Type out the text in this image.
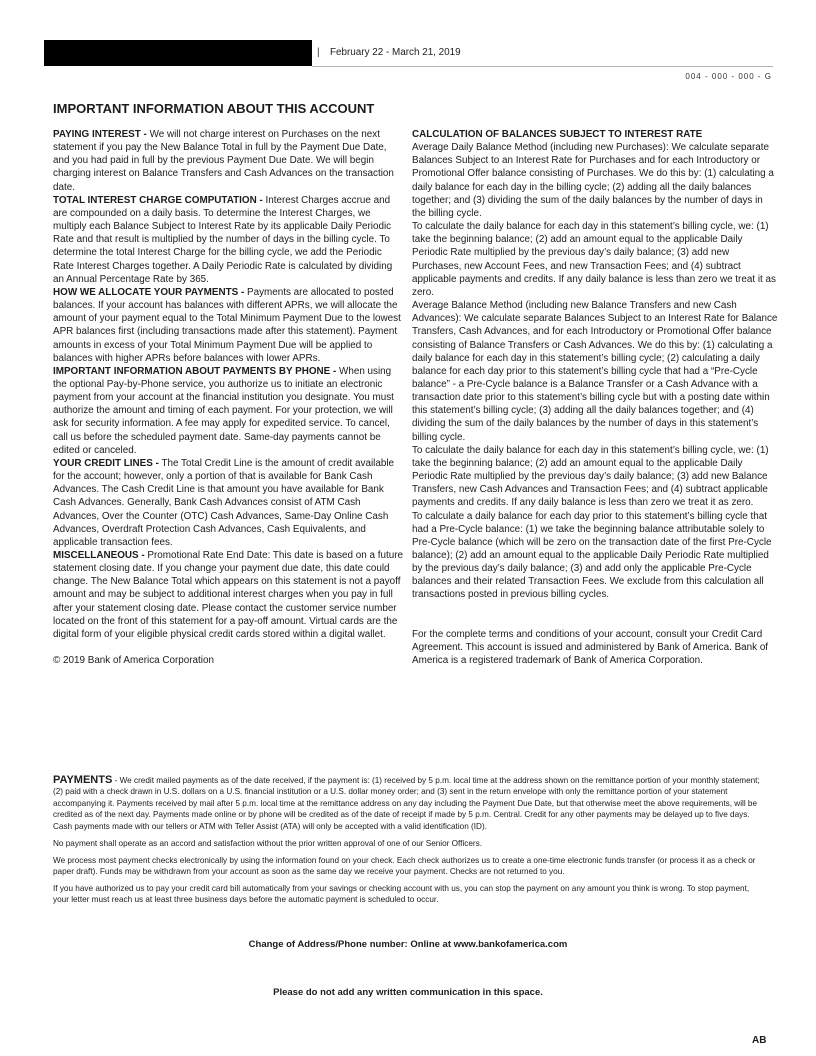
| February 22 - March 21, 2019
004 - 000 - 000 - G
IMPORTANT INFORMATION ABOUT THIS ACCOUNT

PAYING INTEREST - We will not charge interest on Purchases on the next statement if you pay the New Balance Total in full by the Payment Due Date, and you had paid in full by the previous Payment Due Date. We will begin charging interest on Balance Transfers and Cash Advances on the transaction date.

TOTAL INTEREST CHARGE COMPUTATION - Interest Charges accrue and are compounded on a daily basis. To determine the Interest Charges, we multiply each Balance Subject to Interest Rate by its applicable Daily Periodic Rate and that result is multiplied by the number of days in the billing cycle. To determine the total Interest Charge for the billing cycle, we add the Periodic Rate Interest Charges together. A Daily Periodic Rate is calculated by dividing an Annual Percentage Rate by 365.

HOW WE ALLOCATE YOUR PAYMENTS - Payments are allocated to posted balances. If your account has balances with different APRs, we will allocate the amount of your payment equal to the Total Minimum Payment Due to the lowest APR balances first (including transactions made after this statement). Payment amounts in excess of your Total Minimum Payment Due will be applied to balances with higher APRs before balances with lower APRs.

IMPORTANT INFORMATION ABOUT PAYMENTS BY PHONE - When using the optional Pay-by-Phone service, you authorize us to initiate an electronic payment from your account at the financial institution you designate. You must authorize the amount and timing of each payment. For your protection, we will ask for security information. A fee may apply for expedited service. To cancel, call us before the scheduled payment date. Same-day payments cannot be edited or canceled.

YOUR CREDIT LINES - The Total Credit Line is the amount of credit available for the account; however, only a portion of that is available for Bank Cash Advances. The Cash Credit Line is that amount you have available for Bank Cash Advances. Generally, Bank Cash Advances consist of ATM Cash Advances, Over the Counter (OTC) Cash Advances, Same-Day Online Cash Advances, Overdraft Protection Cash Advances, Cash Equivalents, and applicable transaction fees.

MISCELLANEOUS - Promotional Rate End Date: This date is based on a future statement closing date. If you change your payment due date, this date could change. The New Balance Total which appears on this statement is not a payoff amount and may be subject to additional interest charges when you pay in full after your statement closing date. Please contact the customer service number located on the front of this statement for a pay-off amount. Virtual cards are the digital form of your eligible physical credit cards stored within a digital wallet.

© 2019 Bank of America Corporation

CALCULATION OF BALANCES SUBJECT TO INTEREST RATE

Average Daily Balance Method (including new Purchases): We calculate separate Balances Subject to an Interest Rate for Purchases and for each Introductory or Promotional Offer balance consisting of Purchases. We do this by: (1) calculating a daily balance for each day in the billing cycle; (2) adding all the daily balances together; and (3) dividing the sum of the daily balances by the number of days in the billing cycle.

To calculate the daily balance for each day in this statement’s billing cycle, we: (1) take the beginning balance; (2) add an amount equal to the applicable Daily Periodic Rate multiplied by the previous day’s daily balance; (3) add new Purchases, new Account Fees, and new Transaction Fees; and (4) subtract applicable payments and credits. If any daily balance is less than zero we treat it as zero.

Average Balance Method (including new Balance Transfers and new Cash Advances): We calculate separate Balances Subject to an Interest Rate for Balance Transfers, Cash Advances, and for each Introductory or Promotional Offer balance consisting of Balance Transfers or Cash Advances. We do this by: (1) calculating a daily balance for each day in this statement’s billing cycle; (2) calculating a daily balance for each day prior to this statement’s billing cycle that had a “Pre-Cycle balance” - a Pre-Cycle balance is a Balance Transfer or a Cash Advance with a transaction date prior to this statement’s billing cycle but with a posting date within this statement’s billing cycle; (3) adding all the daily balances together; and (4) dividing the sum of the daily balances by the number of days in this statement’s billing cycle.

To calculate the daily balance for each day in this statement’s billing cycle, we: (1) take the beginning balance; (2) add an amount equal to the applicable Daily Periodic Rate multiplied by the previous day’s daily balance; (3) add new Balance Transfers, new Cash Advances and Transaction Fees; and (4) subtract applicable payments and credits. If any daily balance is less than zero we treat it as zero.

To calculate a daily balance for each day prior to this statement’s billing cycle that had a Pre-Cycle balance: (1) we take the beginning balance attributable solely to Pre-Cycle balance (which will be zero on the transaction date of the first Pre-Cycle balance); (2) add an amount equal to the applicable Daily Periodic Rate multiplied by the previous day’s daily balance; (3) and add only the applicable Pre-Cycle balances and their related Transaction Fees. We exclude from this calculation all transactions posted in previous billing cycles.

For the complete terms and conditions of your account, consult your Credit Card Agreement. This account is issued and administered by Bank of America. Bank of America is a registered trademark of Bank of America Corporation.

PAYMENTS - We credit mailed payments as of the date received, if the payment is: (1) received by 5 p.m. local time at the address shown on the remittance portion of your monthly statement; (2) paid with a check drawn in U.S. dollars on a U.S. financial institution or a U.S. dollar money order; and (3) sent in the return envelope with only the remittance portion of your statement accompanying it. Payments received by mail after 5 p.m. local time at the remittance address on any day including the Payment Due Date, but that otherwise meet the above requirements, will be credited as of the next day. Payments made online or by phone will be credited as of the date of receipt if made by 5 p.m. Central. Credit for any other payments may be delayed up to five days. Cash payments made with our tellers or ATM with Teller Assist (ATA) will only be accepted with a valid identification (ID).

No payment shall operate as an accord and satisfaction without the prior written approval of one of our Senior Officers.

We process most payment checks electronically by using the information found on your check. Each check authorizes us to create a one-time electronic funds transfer (or process it as a check or paper draft). Funds may be withdrawn from your account as soon as the same day we receive your payment. Checks are not returned to you.

If you have authorized us to pay your credit card bill automatically from your savings or checking account with us, you can stop the payment on any amount you think is wrong. To stop payment, your letter must reach us at least three business days before the automatic payment is scheduled to occur.

Change of Address/Phone number: Online at www.bankofamerica.com
Please do not add any written communication in this space.
AB
